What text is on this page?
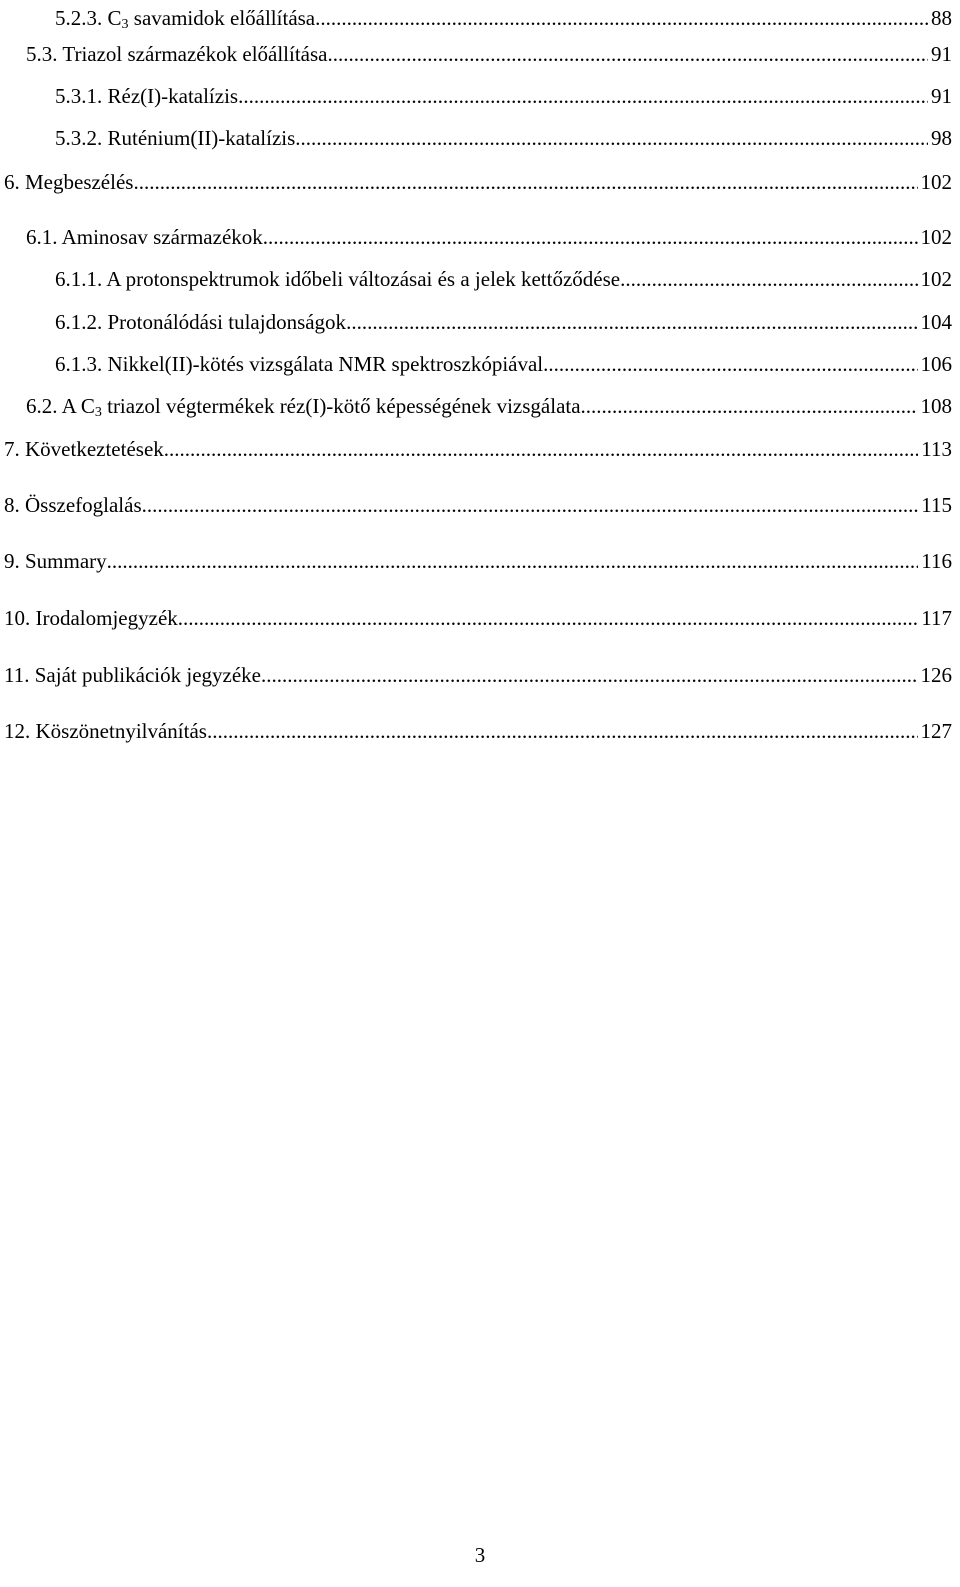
5.2.3. $C_3$ savamidok előállítása .....	88
5.3. Triazol származékok előállítása .....	91
5.3.1. Réz(I)-katalízis .....	91
5.3.2. Ruténium(II)-katalízis .....	98
6. Megbeszélés .....	102
6.1. Aminosav származékok .....	102
6.1.1. A protonspektrumok időbeli változásai és a jelek kettőződése .....	102
6.1.2. Protonálódási tulajdonságok .....	104
6.1.3. Nikkel(II)-kötés vizsgálata NMR spektroszkópiával .....	106
6.2. A $C_3$ triazol végtermékek réz(I)-kötő képességének vizsgálata .....	108
7. Következtetések .....	113
8. Összefoglalás .....	115
9. Summary .....	116
10. Irodalomjegyzék .....	117
11. Saját publikációk jegyzéke .....	126
12. Köszönetnyilvánítás .....	127
3
